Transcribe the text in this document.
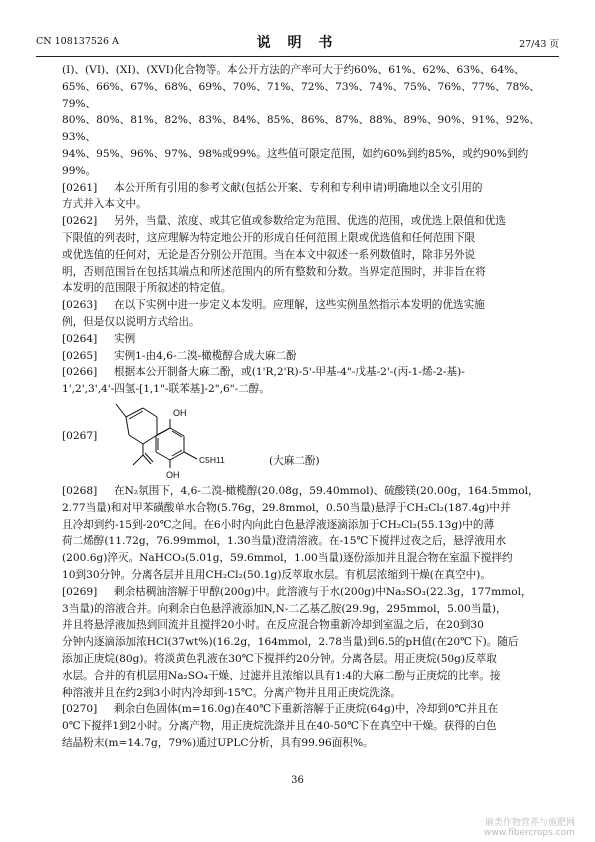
CN 108137526 A	说 明 书	27/43 页
(I)、(VI)、(XI)、(XVI)化合物等。本公开方法的产率可大于约60%、61%、62%、63%、64%、
65%、66%、67%、68%、69%、70%、71%、72%、73%、74%、75%、76%、77%、78%、79%、
80%、80%、81%、82%、83%、84%、85%、86%、87%、88%、89%、90%、91%、92%、93%、
94%、95%、96%、97%、98%或99%。这些值可限定范围，如约60%到约85%，或约90%到约
99%。
[0261]	本公开所有引用的参考文献(包括公开案、专利和专利申请)明确地以全文引用的
方式并入本文中。
[0262]	另外，当量、浓度、或其它值或参数给定为范围、优选的范围，或优选上限值和优选
下限值的列表时，这应理解为特定地公开的形成自任何范围上限或优选值和任何范围下限
或优选值的任何对，无论是否分别公开范围。当在本文中叙述一系列数值时，除非另外说
明，否则范围旨在包括其端点和所述范围内的所有整数和分数。当界定范围时，并非旨在将
本发明的范围限于所叙述的特定值。
[0263]	在以下实例中进一步定义本发明。应理解，这些实例虽然指示本发明的优选实施
例，但是仅以说明方式给出。
[0264]	实例
[0265]	实例1-由4,6-二溴-橄榄醇合成大麻二酚
[0266]	根据本公开制备大麻二酚，或(1'R,2'R)-5'-甲基-4"-戊基-2'-(丙-1-烯-2-基)-
1',2',3',4'-四氢-[1,1"-联苯基]-2",6"-二醇。
[0267]
OH
OH
C5H11	(大麻二酚)
[0268]	在N₂氛围下，4,6-二溴-橄榄醇(20.08g，59.40mmol)、硫酸镁(20.00g，164.5mmol，
2.77当量)和对甲苯磺酸单水合物(5.76g，29.8mmol，0.50当量)悬浮于CH₂Cl₂(187.4g)中并
且冷却到约-15到-20℃之间。在6小时内向此白色悬浮液逐滴添加于CH₂Cl₂(55.13g)中的薄
荷二烯醇(11.72g，76.99mmol，1.30当量)澄清溶液。在-15℃下搅拌过夜之后，悬浮液用水
(200.6g)淬灭。NaHCO₃(5.01g，59.6mmol，1.00当量)逐份添加并且混合物在室温下搅拌约
10到30分钟。分离各层并且用CH₂Cl₂(50.1g)反萃取水层。有机层浓缩到干燥(在真空中)。
[0269]	剩余枯稠油溶解于甲醇(200g)中。此溶液与于水(200g)中Na₂SO₃(22.3g，177mmol，
3当量)的溶液合并。向剩余白色悬浮液添加N,N-二乙基乙胺(29.9g，295mmol，5.00当量)，
并且将悬浮液加热到回流并且搅拌20小时。在反应混合物重新冷却到室温之后，在20到30
分钟内逐滴添加浓HCl(37wt%)(16.2g，164mmol，2.78当量)到6.5的pH值(在20℃下)。随后
添加正庚烷(80g)。将淡黄色乳液在30℃下搅拌约20分钟。分离各层。用正庚烷(50g)反萃取
水层。合并的有机层用Na₂SO₄干燥、过滤并且浓缩以具有1:4的大麻二酚与正庚烷的比率。接
种溶液并且在约2到3小时内冷却到-15℃。分离产物并且用正庚烷洗涤。
[0270]	剩余白色固体(m=16.0g)在40℃下重新溶解于正庚烷(64g)中，冷却到0℃并且在
0℃下搅拌1到2小时。分离产物，用正庚烷洗涤并且在40-50℃下在真空中干燥。获得的白色
结晶粉末(m=14.7g，79%)通过UPLC分析，具有99.96面积%。
36
麻类作物营养与施肥网
www.fibercrops.com
